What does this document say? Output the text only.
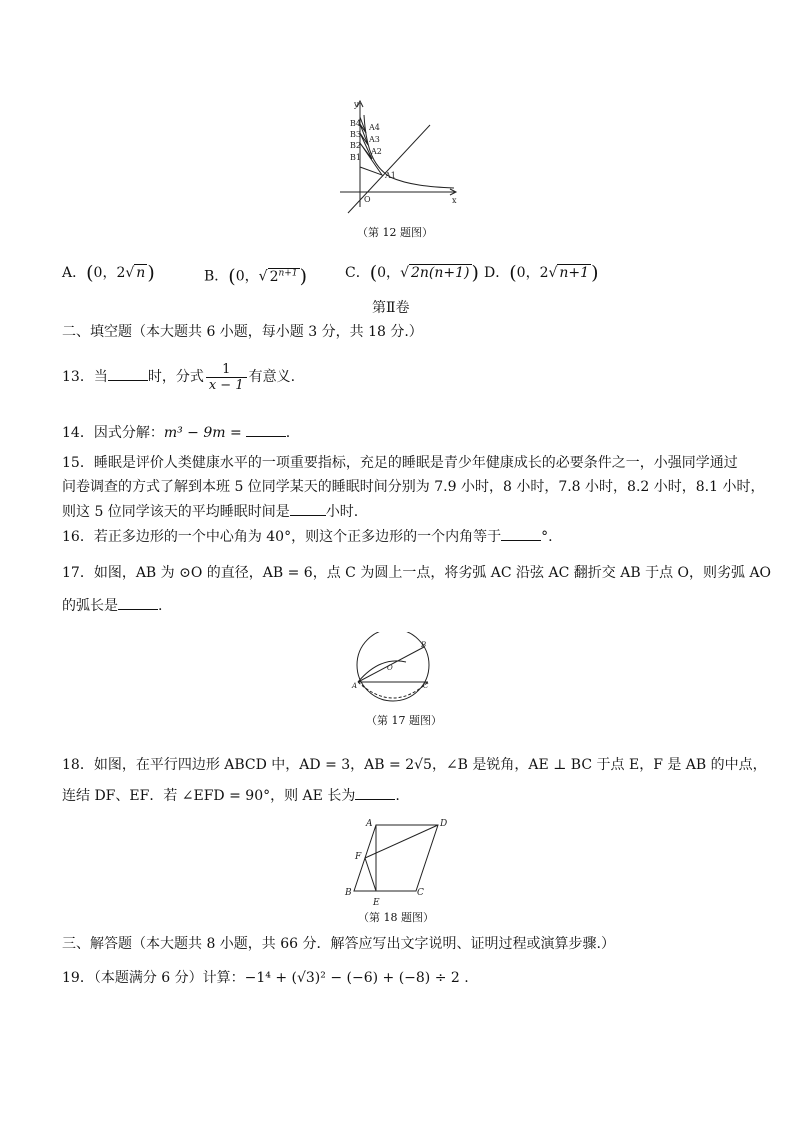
y
x
O
B4
B3
B2
B1
A4
A3
A2
A1
（第 12 题图）
A．(0，2√ n )	B．(0，√ $2^{n+1}$ )	C．(0，√ 2n(n+1) ) D．(0，2√ n+1 )
第Ⅱ卷
二、填空题（本大题共 6 小题，每小题 3 分，共 18 分.）
13．当	时，分式 $\frac{1}{x - 1}$ 有意义.
14．因式分解：m³ − 9m =	.
15．睡眠是评价人类健康水平的一项重要指标，充足的睡眠是青少年健康成长的必要条件之一，小强同学通过
问卷调查的方式了解到本班 5 位同学某天的睡眠时间分别为 7.9 小时，8 小时，7.8 小时，8.2 小时，8.1 小时，
则这 5 位同学该天的平均睡眠时间是	小时.
16．若正多边形的一个中心角为 40°，则这个正多边形的一个内角等于	°.
17．如图，AB 为 ⊙O 的直径，AB = 6，点 C 为圆上一点，将劣弧 AC 沿弦 AC 翻折交 AB 于点 O，则劣弧 AO
的弧长是	.
A
B
C
O
（第 17 题图）
18．如图，在平行四边形 ABCD 中，AD = 3，AB = 2√5，∠B 是锐角，AE ⊥ BC 于点 E，F 是 AB 的中点，
连结 DF、EF．若 ∠EFD = 90°，则 AE 长为	.
A	D
F
B
E
C
（第 18 题图）
三、解答题（本大题共 8 小题，共 66 分．解答应写出文字说明、证明过程或演算步骤.）
19．（本题满分 6 分）计算：−1⁴ + (√3)² − (−6) + (−8) ÷ 2 .
